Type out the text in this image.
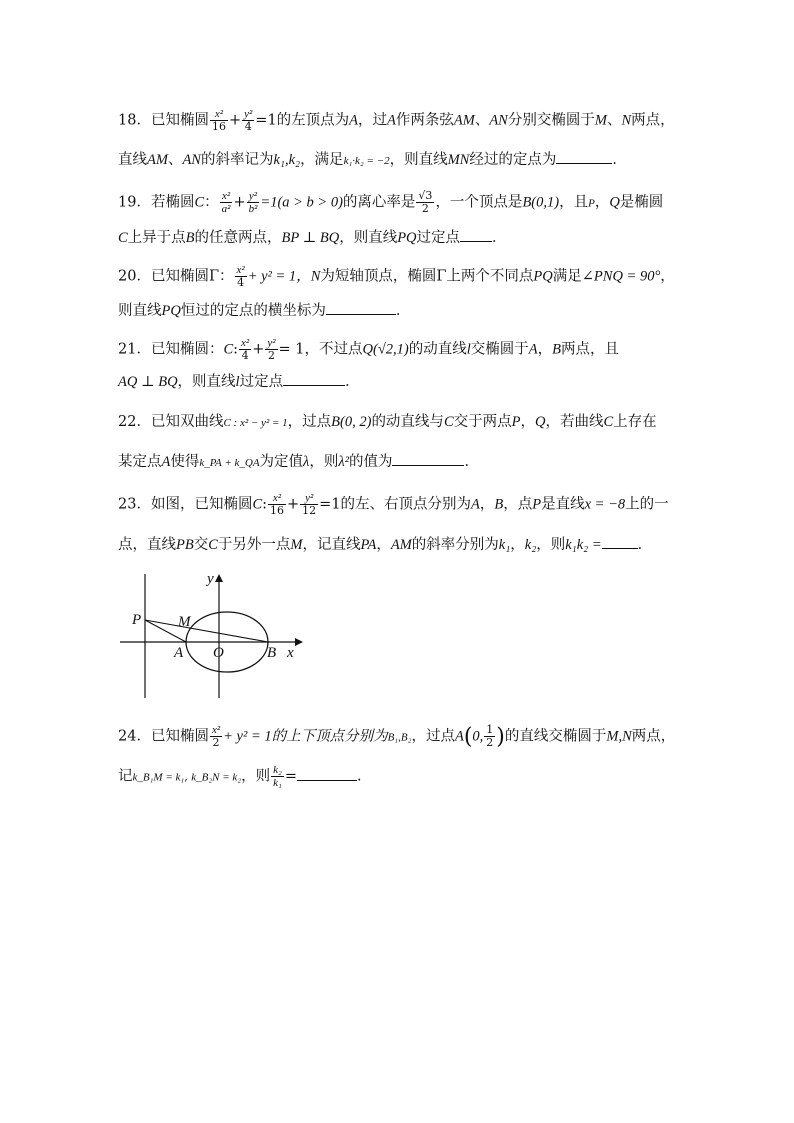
18．已知椭圆 $\frac{\text{x²}}{16} + \frac{\text{y²}}{4} =1$的左顶点为A，过A作两条弦AM、AN分别交椭圆于M、N两点，
直线AM、AN的斜率记为k₁,k₂，满足k₁·k₂ = −2，则直线MN经过的定点为	．
19．若椭圆C： $\frac{\text{x²}}{\text{a²}} + \frac{\text{y²}}{\text{b²}} =1(a > b > 0)$的离心率是 $\frac{√3}{2}$ ，一个顶点是B(0,1)，且P，Q是椭圆
C上异于点B的任意两点，BP ⊥ BQ，则直线PQ过定点 ．
20．已知椭圆Γ： $\frac{\text{x²}}{4} + y^2 = 1$，N为短轴顶点，椭圆Γ上两个不同点PQ满足∠PNQ = 90°，
则直线PQ恒过的定点的横坐标为	．
21．已知椭圆：C: $\frac{\text{x²}}{4} + \frac{\text{y²}}{2} = 1$，不过点Q(√2,1)的动直线l交椭圆于A，B两点，且
AQ ⊥ BQ，则直线l过定点	．
22．已知双曲线C : x² − y² = 1，过点B(0, 2)的动直线与C交于两点P，Q，若曲线C上存在
某定点A使得k_PA + k_QA为定值λ，则λ²的值为	．
23．如图，已知椭圆C: $\frac{\text{x²}}{16} + \frac{\text{y²}}{12} =1$的左、右顶点分别为A，B，点P是直线x = −8上的一
点，直线PB交C于另外一点M，记直线PA，AM的斜率分别为k₁，k₂，则k₁k₂ = ．
y
P M
A O	B x
24．已知椭圆 $\frac{\text{x²}}{2} + y^2 = 1$的上下顶点分别为B₁,B₂，过点A(0, $\frac{1}{2}$ )的直线交椭圆于M,N两点，
记k_B₁M = k₁, k_B₂N = k₂，则 $\frac{\text{k₂}}{\text{k₁}}$ =	.
